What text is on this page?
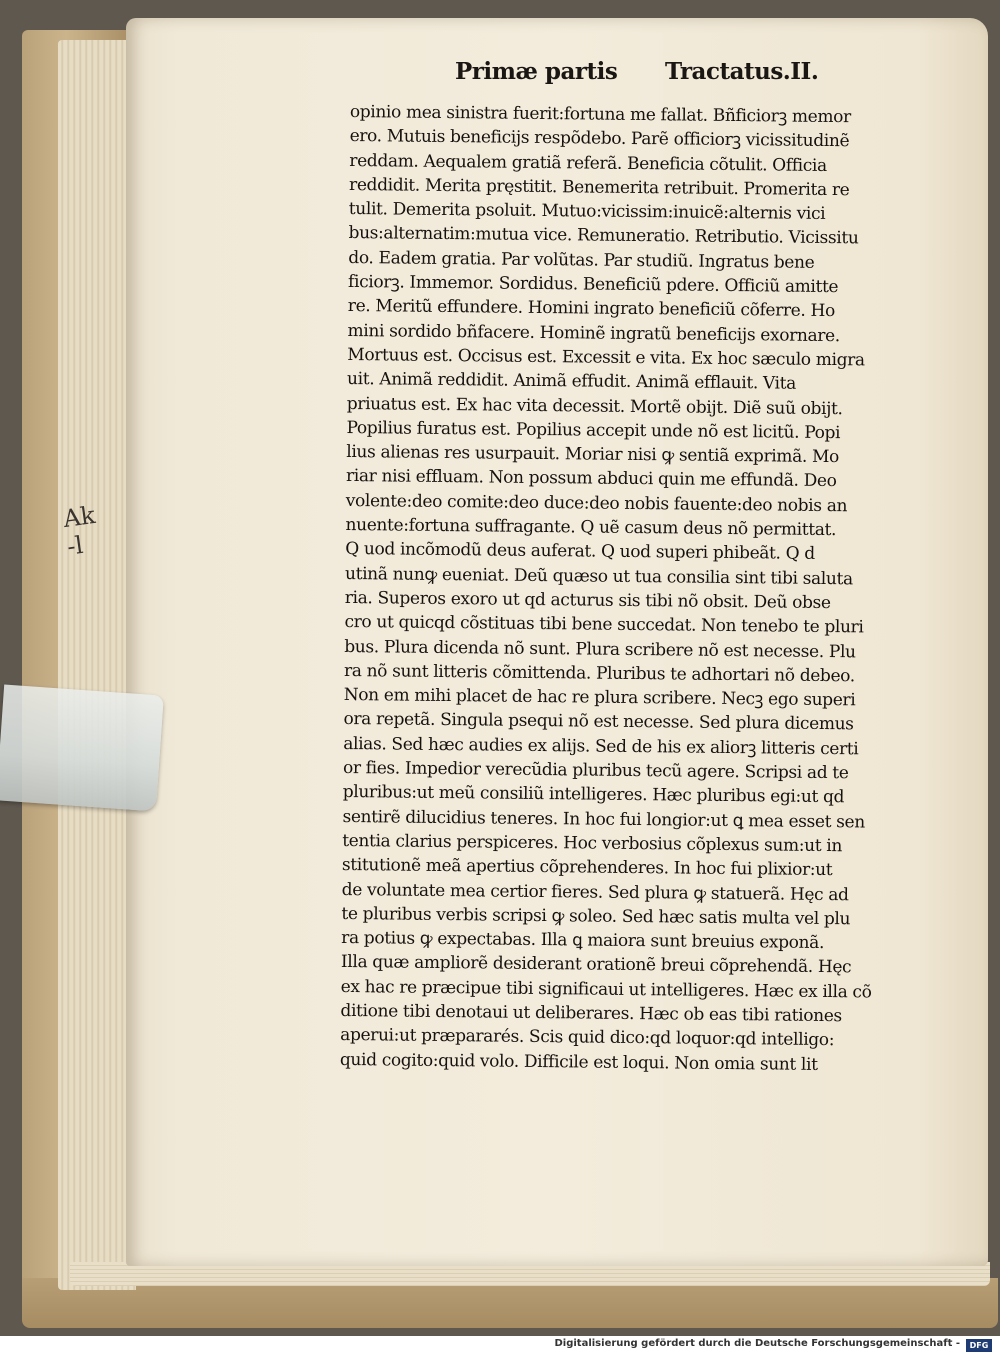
Ak
-l
Primæ partis Tractatus.II.
opinio mea sinistra fuerit:fortuna me fallat. Bñficiorꝫ memor
ero. Mutuis beneficijs respõdebo. Parẽ officiorꝫ vicissitudinẽ
reddam. Aequalem gratiã referã. Beneficia cõtulit. Officia
reddidit. Merita pręstitit. Benemerita retribuit. Promerita re
tulit. Demerita psoluit. Mutuo:vicissim:inuicẽ:alternis vici
bus:alternatim:mutua vice. Remuneratio. Retributio. Vicissitu
do. Eadem gratia. Par volũtas. Par studiũ. Ingratus bene
ficiorꝫ. Immemor. Sordidus. Beneficiũ pdere. Officiũ amitte
re. Meritũ effundere. Homini ingrato beneficiũ cõferre. Ho
mini sordido bñfacere. Hominẽ ingratũ beneficijs exornare.
Mortuus est. Occisus est. Excessit e vita. Ex hoc sæculo migra
uit. Animã reddidit. Animã effudit. Animã efflauit. Vita
priuatus est. Ex hac vita decessit. Mortẽ obijt. Diẽ suũ obijt.
Popilius furatus est. Popilius accepit unde nõ est licitũ. Popi
lius alienas res usurpauit. Moriar nisi ꝙ sentiã exprimã. Mo
riar nisi effluam. Non possum abduci quin me effundã. Deo
volente:deo comite:deo duce:deo nobis fauente:deo nobis an
nuente:fortuna suffragante. Q uẽ casum deus nõ permittat.
Q uod incõmodũ deus auferat. Q uod superi phibeãt. Q d
utinã nunꝙ eueniat. Deũ quæso ut tua consilia sint tibi saluta
ria. Superos exoro ut qd acturus sis tibi nõ obsit. Deũ obse
cro ut quicqd cõstituas tibi bene succedat. Non tenebo te pluri
bus. Plura dicenda nõ sunt. Plura scribere nõ est necesse. Plu
ra nõ sunt litteris cõmittenda. Pluribus te adhortari nõ debeo.
Non em mihi placet de hac re plura scribere. Necꝫ ego superi
ora repetã. Singula psequi nõ est necesse. Sed plura dicemus
alias. Sed hæc audies ex alijs. Sed de his ex aliorꝫ litteris certi
or fies. Impedior verecũdia pluribus tecũ agere. Scripsi ad te
pluribus:ut meũ consiliũ intelligeres. Hæc pluribus egi:ut qd
sentirẽ dilucidius teneres. In hoc fui longior:ut ꝗ mea esset sen
tentia clarius perspiceres. Hoc verbosius cõplexus sum:ut in
stitutionẽ meã apertius cõprehenderes. In hoc fui plixior:ut
de voluntate mea certior fieres. Sed plura ꝙ statuerã. Hęc ad
te pluribus verbis scripsi ꝙ soleo. Sed hæc satis multa vel plu
ra potius ꝙ expectabas. Illa ꝗ maiora sunt breuius exponã.
Illa quæ ampliorẽ desiderant orationẽ breui cõprehendã. Hęc
ex hac re præcipue tibi significaui ut intelligeres. Hæc ex illa cõ
ditione tibi denotaui ut deliberares. Hæc ob eas tibi rationes
aperui:ut præpararés. Scis quid dico:qd loquor:qd intelligo:
quid cogito:quid volo. Difficile est loqui. Non omia sunt lit
Digitalisierung gefördert durch die Deutsche Forschungsgemeinschaft -	DFG
